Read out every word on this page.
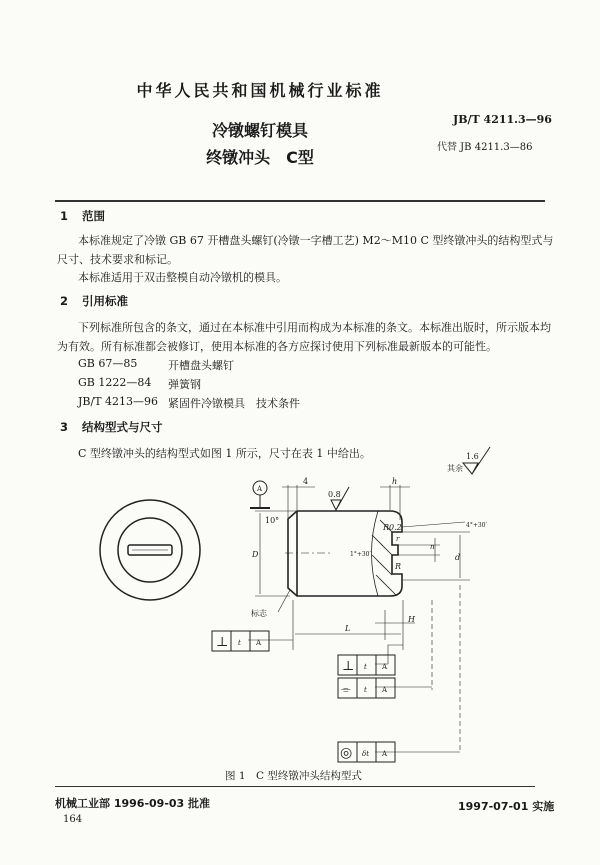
中华人民共和国机械行业标准
JB/T 4211.3—96
代替 JB 4211.3—86
冷镦螺钉模具
终镦冲头　C型
1 范围
本标准规定了冷镦 GB 67 开槽盘头螺钉(冷镦一字槽工艺) M2～M10 C 型终镦冲头的结构型式与
尺寸、技术要求和标记。
本标准适用于双击整模自动冷镦机的模具。
2 引用标准
下列标准所包含的条文，通过在本标准中引用而构成为本标准的条文。本标准出版时，所示版本均
为有效。所有标准都会被修订，使用本标准的各方应探讨使用下列标准最新版本的可能性。
GB 67—85	开槽盘头螺钉
GB 1222—84 弹簧钢
JB/T 4213—96 紧固件冷镦模具　技术条件
3 结构型式与尺寸
C 型终镦冲头的结构型式如图 1 所示，尺寸在表 1 中给出。
A
4	h
0.8
1.6
其余
10°
D
R0.2	4°+30′
1°+30′
r
R
n
d
标志
H
L
⊥ t A
⊥ t A
⌯ t A
◎ δt A
图 1　C 型终镦冲头结构型式
机械工业部 1996-09-03 批准	1997-07-01 实施
164
